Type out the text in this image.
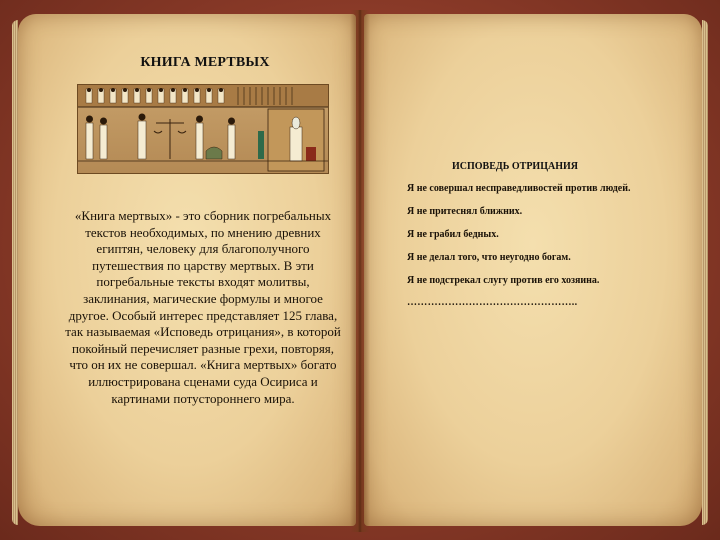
КНИГА МЕРТВЫХ
«Книга мертвых» - это сборник погребальных текстов необходимых, по мнению древних египтян, человеку для благополучного путешествия по царству мертвых. В эти погребальные тексты входят молитвы, заклинания, магические формулы и многое другое. Особый интерес представляет 125 глава, так называемая «Исповедь отрицания», в которой покойный перечисляет разные грехи, повторяя, что он их не совершал. «Книга мертвых» богато иллюстрирована сценами суда Осириса и картинами потустороннего мира.
ИСПОВЕДЬ ОТРИЦАНИЯ
Я не совершал несправедливостей против людей.
Я не притеснял ближних.
Я не грабил бедных.
Я не делал того, что неугодно богам.
Я не подстрекал слугу против его хозяина.
…………………………………………..
